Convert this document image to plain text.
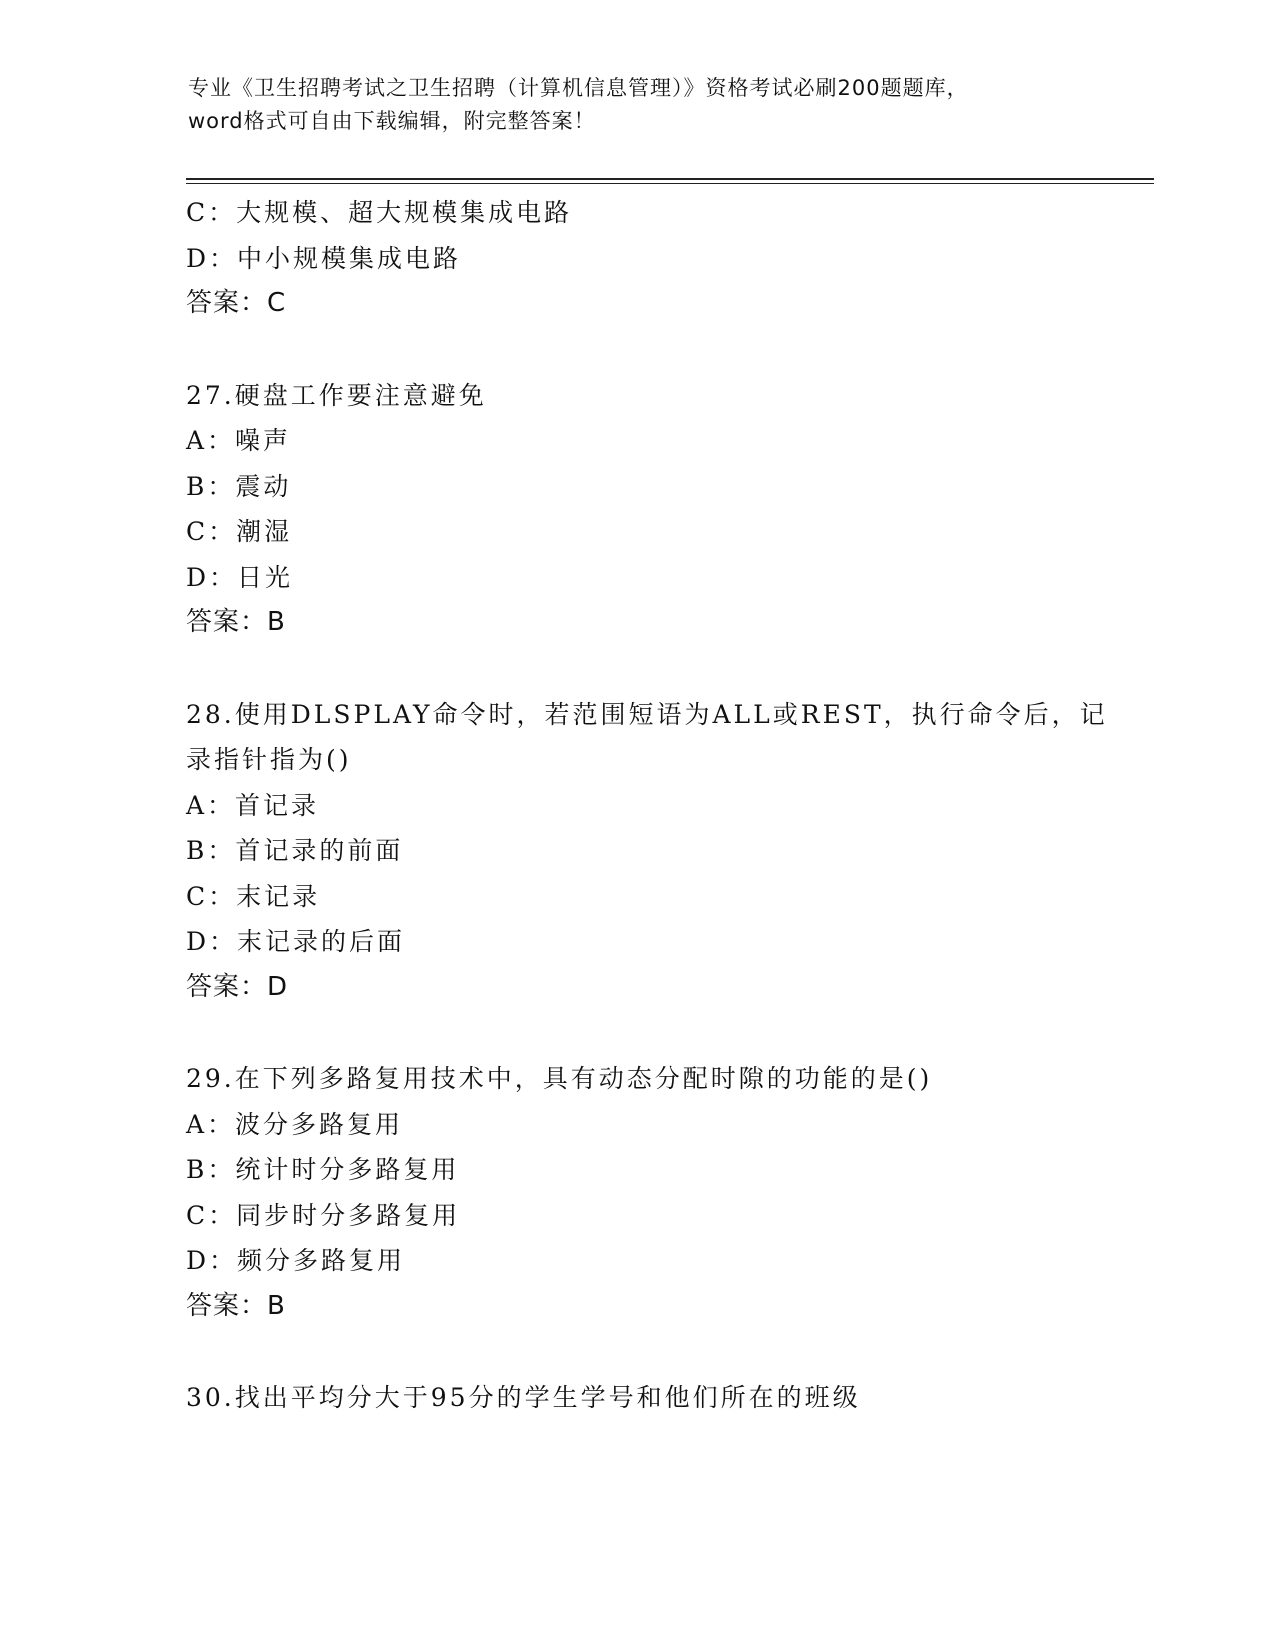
专业《卫生招聘考试之卫生招聘（计算机信息管理）》资格考试必刷200题题库，
word格式可自由下载编辑，附完整答案！
C：大规模、超大规模集成电路
D：中小规模集成电路
答案：C
27.硬盘工作要注意避免
A：噪声
B：震动
C：潮湿
D：日光
答案：B
28.使用DLSPLAY命令时，若范围短语为ALL或REST，执行命令后，记
录指针指为()
A：首记录
B：首记录的前面
C：末记录
D：末记录的后面
答案：D
29.在下列多路复用技术中，具有动态分配时隙的功能的是()
A：波分多路复用
B：统计时分多路复用
C：同步时分多路复用
D：频分多路复用
答案：B
30.找出平均分大于95分的学生学号和他们所在的班级
